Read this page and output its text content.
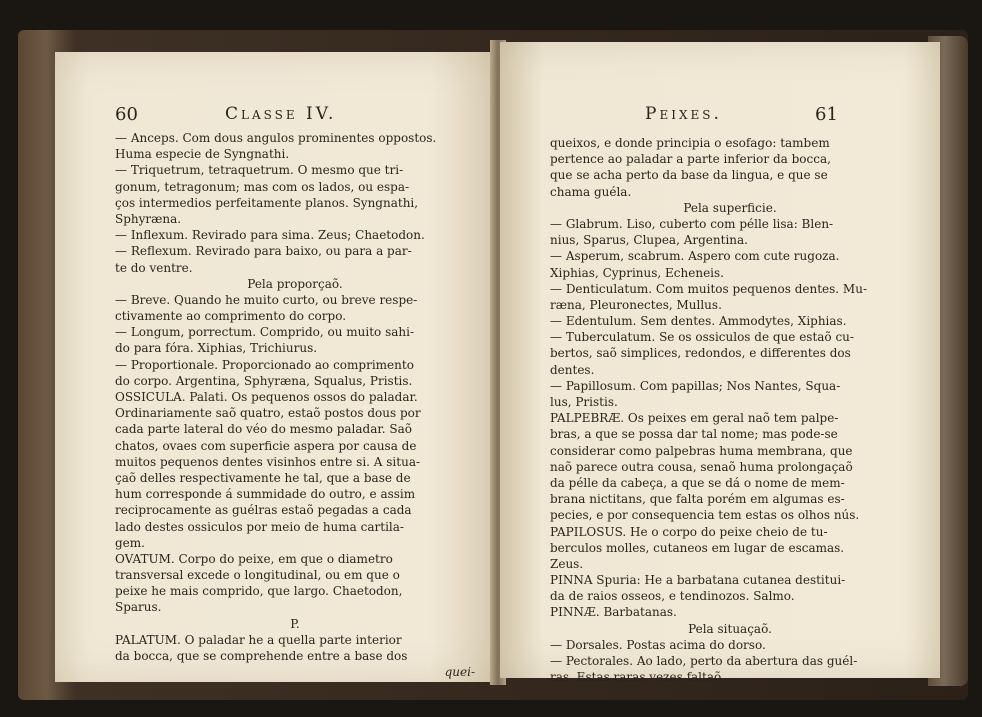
60	Classe IV.
— Anceps. Com dous angulos prominentes oppostos.
Huma especie de Syngnathi.
— Triquetrum, tetraquetrum. O mesmo que tri-
gonum, tetragonum; mas com os lados, ou espa-
ços intermedios perfeitamente planos. Syngnathi,
Sphyræna.
— Inflexum. Revirado para sima. Zeus; Chaetodon.
— Reflexum. Revirado para baixo, ou para a par-
te do ventre.
Pela proporçaõ.
— Breve. Quando he muito curto, ou breve respe-
ctivamente ao comprimento do corpo.
— Longum, porrectum. Comprido, ou muito sahi-
do para fóra. Xiphias, Trichiurus.
— Proportionale. Proporcionado ao comprimento
do corpo. Argentina, Sphyræna, Squalus, Pristis.
OSSICULA. Palati. Os pequenos ossos do paladar.
Ordinariamente saõ quatro, estaõ postos dous por
cada parte lateral do véo do mesmo paladar. Saõ
chatos, ovaes com superficie aspera por causa de
muitos pequenos dentes visinhos entre si. A situa-
çaõ delles respectivamente he tal, que a base de
hum corresponde á summidade do outro, e assim
reciprocamente as guélras estaõ pegadas a cada
lado destes ossiculos por meio de huma cartila-
gem.
OVATUM. Corpo do peixe, em que o diametro
transversal excede o longitudinal, ou em que o
peixe he mais comprido, que largo. Chaetodon,
Sparus.
P.
PALATUM. O paladar he a quella parte interior
da bocca, que se comprehende entre a base dos
quei-
Peixes.	61
queixos, e donde principia o esofago: tambem
pertence ao paladar a parte inferior da bocca,
que se acha perto da base da lingua, e que se
chama guéla.
Pela superficie.
— Glabrum. Liso, cuberto com pélle lisa: Blen-
nius, Sparus, Clupea, Argentina.
— Asperum, scabrum. Aspero com cute rugoza.
Xiphias, Cyprinus, Echeneis.
— Denticulatum. Com muitos pequenos dentes. Mu-
ræna, Pleuronectes, Mullus.
— Edentulum. Sem dentes. Ammodytes, Xiphias.
— Tuberculatum. Se os ossiculos de que estaõ cu-
bertos, saõ simplices, redondos, e differentes dos
dentes.
— Papillosum. Com papillas; Nos Nantes, Squa-
lus, Pristis.
PALPEBRÆ. Os peixes em geral naõ tem palpe-
bras, a que se possa dar tal nome; mas pode-se
considerar como palpebras huma membrana, que
naõ parece outra cousa, senaõ huma prolongaçaõ
da pélle da cabeça, a que se dá o nome de mem-
brana nictitans, que falta porém em algumas es-
pecies, e por consequencia tem estas os olhos nús.
PAPILOSUS. He o corpo do peixe cheio de tu-
berculos molles, cutaneos em lugar de escamas.
Zeus.
PINNA Spuria: He a barbatana cutanea destitui-
da de raios osseos, e tendinozos. Salmo.
PINNÆ. Barbatanas.
Pela situaçaõ.
— Dorsales. Postas acima do dorso.
— Pectorales. Ao lado, perto da abertura das guél-
ras. Estas raras vezes faltaõ.
Ven-
